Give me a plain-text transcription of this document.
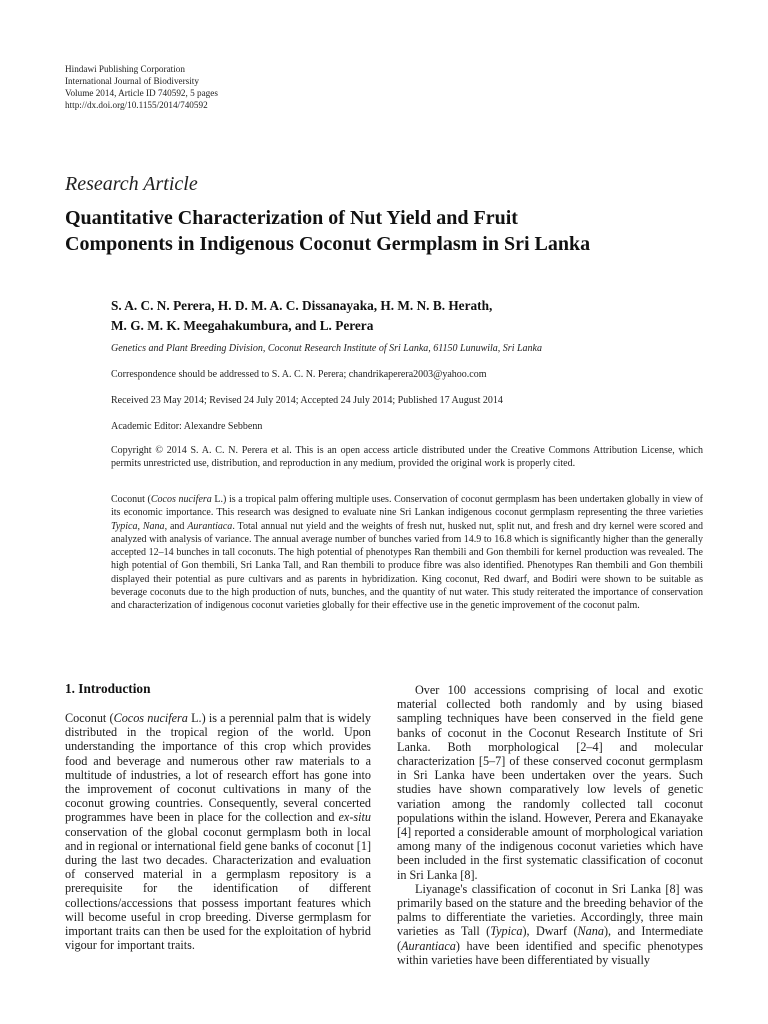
Hindawi Publishing Corporation
International Journal of Biodiversity
Volume 2014, Article ID 740592, 5 pages
http://dx.doi.org/10.1155/2014/740592
Research Article
Quantitative Characterization of Nut Yield and Fruit
Components in Indigenous Coconut Germplasm in Sri Lanka
S. A. C. N. Perera, H. D. M. A. C. Dissanayaka, H. M. N. B. Herath,
M. G. M. K. Meegahakumbura, and L. Perera
Genetics and Plant Breeding Division, Coconut Research Institute of Sri Lanka, 61150 Lunuwila, Sri Lanka
Correspondence should be addressed to S. A. C. N. Perera; chandrikaperera2003@yahoo.com
Received 23 May 2014; Revised 24 July 2014; Accepted 24 July 2014; Published 17 August 2014
Academic Editor: Alexandre Sebbenn
Copyright © 2014 S. A. C. N. Perera et al. This is an open access article distributed under the Creative Commons Attribution License, which permits unrestricted use, distribution, and reproduction in any medium, provided the original work is properly cited.
Coconut (Cocos nucifera L.) is a tropical palm offering multiple uses. Conservation of coconut germplasm has been undertaken globally in view of its economic importance. This research was designed to evaluate nine Sri Lankan indigenous coconut germplasm representing the three varieties Typica, Nana, and Aurantiaca. Total annual nut yield and the weights of fresh nut, husked nut, split nut, and fresh and dry kernel were scored and analyzed with analysis of variance. The annual average number of bunches varied from 14.9 to 16.8 which is significantly higher than the generally accepted 12–14 bunches in tall coconuts. The high potential of phenotypes Ran thembili and Gon thembili for kernel production was revealed. The high potential of Gon thembili, Sri Lanka Tall, and Ran thembili to produce fibre was also identified. Phenotypes Ran thembili and Gon thembili displayed their potential as pure cultivars and as parents in hybridization. King coconut, Red dwarf, and Bodiri were shown to be suitable as beverage coconuts due to the high production of nuts, bunches, and the quantity of nut water. This study reiterated the importance of conservation and characterization of indigenous coconut varieties globally for their effective use in the genetic improvement of the coconut palm.
1. Introduction

Coconut (Cocos nucifera L.) is a perennial palm that is widely distributed in the tropical region of the world. Upon understanding the importance of this crop which provides food and beverage and numerous other raw materials to a multitude of industries, a lot of research effort has gone into the improvement of coconut cultivations in many of the coconut growing countries. Consequently, several concerted programmes have been in place for the collection and ex-situ conservation of the global coconut germplasm both in local and in regional or international field gene banks of coconut [1] during the last two decades. Characterization and evaluation of conserved material in a germplasm repository is a prerequisite for the identification of different collections/accessions that possess important features which will become useful in crop breeding. Diverse germplasm for important traits can then be used for the exploitation of hybrid vigour for important traits.

Over 100 accessions comprising of local and exotic material collected both randomly and by using biased sampling techniques have been conserved in the field gene banks of coconut in the Coconut Research Institute of Sri Lanka. Both morphological [2–4] and molecular characterization [5–7] of these conserved coconut germplasm in Sri Lanka have been undertaken over the years. Such studies have shown comparatively low levels of genetic variation among the randomly collected tall coconut populations within the island. However, Perera and Ekanayake [4] reported a considerable amount of morphological variation among many of the indigenous coconut varieties which have been included in the first systematic classification of coconut in Sri Lanka [8].

Liyanage's classification of coconut in Sri Lanka [8] was primarily based on the stature and the breeding behavior of the palms to differentiate the varieties. Accordingly, three main varieties as Tall (Typica), Dwarf (Nana), and Intermediate (Aurantiaca) have been identified and specific phenotypes within varieties have been differentiated by visually
